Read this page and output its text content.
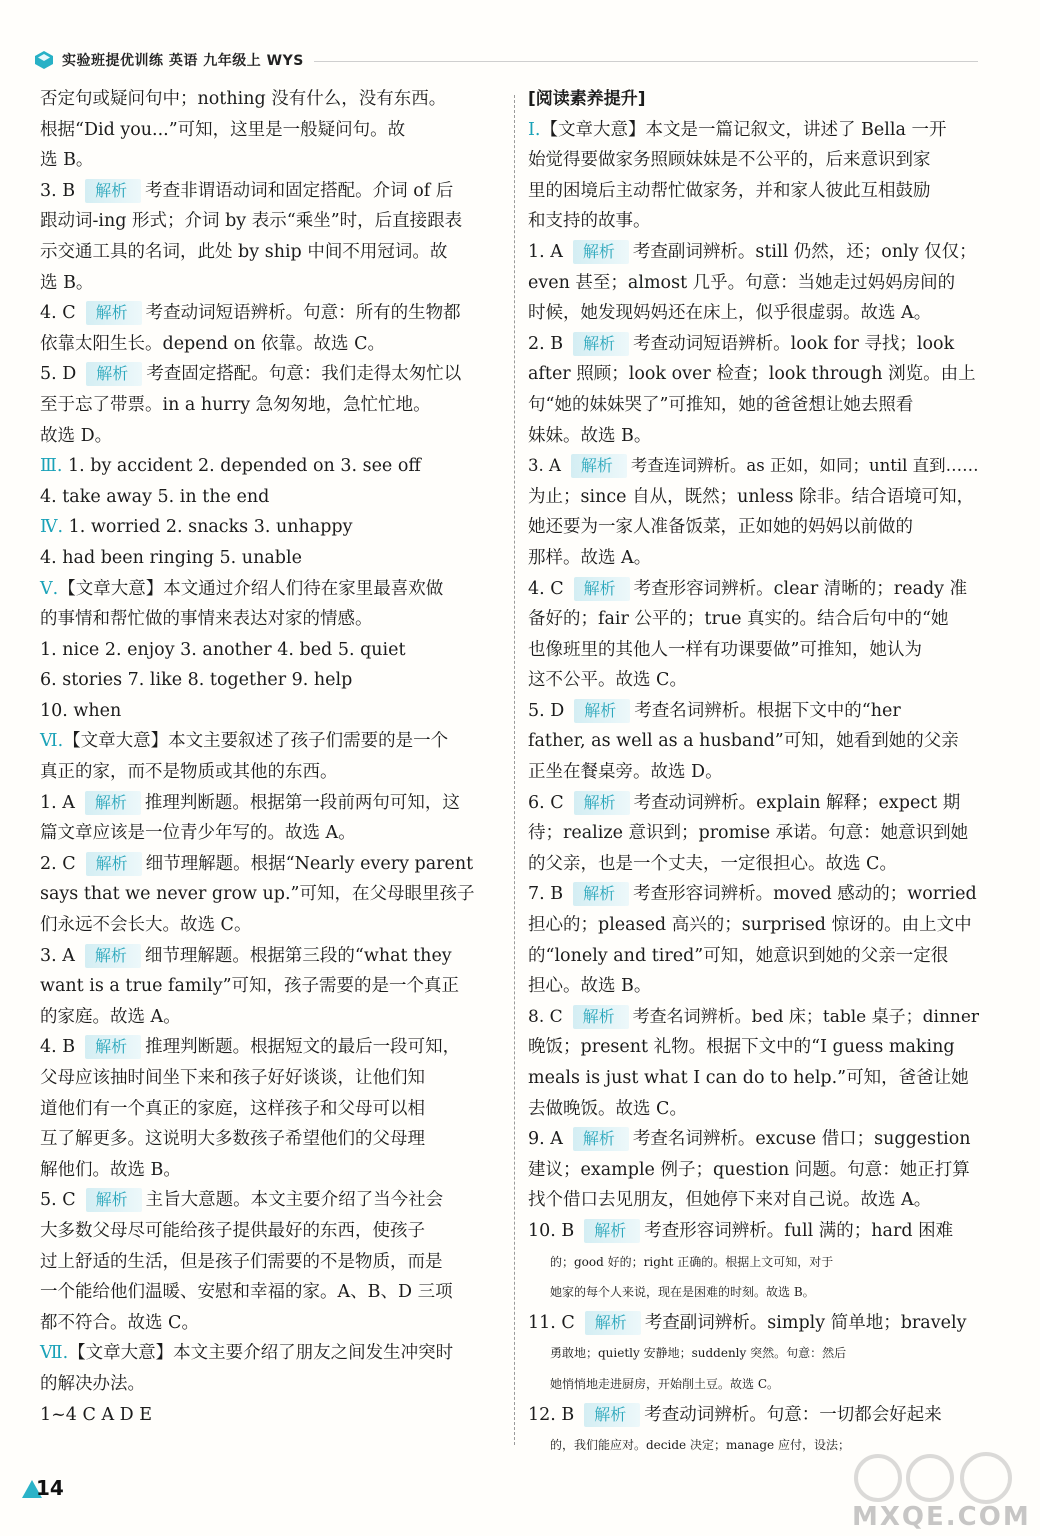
实验班提优训练 英语 九年级上 WYS
否定句或疑问句中；nothing 没有什么，没有东西。
根据“Did you...”可知，这里是一般疑问句。故
选 B。
3. B 解析 考查非谓语动词和固定搭配。介词 of 后
跟动词-ing 形式；介词 by 表示“乘坐”时，后直接跟表
示交通工具的名词，此处 by ship 中间不用冠词。故
选 B。
4. C 解析 考查动词短语辨析。句意：所有的生物都
依靠太阳生长。depend on 依靠。故选 C。
5. D 解析 考查固定搭配。句意：我们走得太匆忙以
至于忘了带票。in a hurry 急匆匆地，急忙忙地。
故选 D。
Ⅲ. 1. by accident 2. depended on 3. see off
4. take away 5. in the end
Ⅳ. 1. worried 2. snacks 3. unhappy
4. had been ringing 5. unable
Ⅴ.【文章大意】本文通过介绍人们待在家里最喜欢做
的事情和帮忙做的事情来表达对家的情感。
1. nice 2. enjoy 3. another 4. bed 5. quiet
6. stories 7. like 8. together 9. help
10. when
Ⅵ.【文章大意】本文主要叙述了孩子们需要的是一个
真正的家，而不是物质或其他的东西。
1. A 解析 推理判断题。根据第一段前两句可知，这
篇文章应该是一位青少年写的。故选 A。
2. C 解析 细节理解题。根据“Nearly every parent
says that we never grow up.”可知，在父母眼里孩子
们永远不会长大。故选 C。
3. A 解析 细节理解题。根据第三段的“what they
want is a true family”可知，孩子需要的是一个真正
的家庭。故选 A。
4. B 解析 推理判断题。根据短文的最后一段可知，
父母应该抽时间坐下来和孩子好好谈谈，让他们知
道他们有一个真正的家庭，这样孩子和父母可以相
互了解更多。这说明大多数孩子希望他们的父母理
解他们。故选 B。
5. C 解析 主旨大意题。本文主要介绍了当今社会
大多数父母尽可能给孩子提供最好的东西，使孩子
过上舒适的生活，但是孩子们需要的不是物质，而是
一个能给他们温暖、安慰和幸福的家。A、B、D 三项
都不符合。故选 C。
Ⅶ.【文章大意】本文主要介绍了朋友之间发生冲突时
的解决办法。
1~4 C A D E
[阅读素养提升]
Ⅰ.【文章大意】本文是一篇记叙文，讲述了 Bella 一开
始觉得要做家务照顾妹妹是不公平的，后来意识到家
里的困境后主动帮忙做家务，并和家人彼此互相鼓励
和支持的故事。
1. A 解析 考查副词辨析。still 仍然，还；only 仅仅；
even 甚至；almost 几乎。句意：当她走过妈妈房间的
时候，她发现妈妈还在床上，似乎很虚弱。故选 A。
2. B 解析 考查动词短语辨析。look for 寻找；look
after 照顾；look over 检查；look through 浏览。由上
句“她的妹妹哭了”可推知，她的爸爸想让她去照看
妹妹。故选 B。
3. A 解析 考查连词辨析。as 正如，如同；until 直到……
为止；since 自从，既然；unless 除非。结合语境可知，
她还要为一家人准备饭菜，正如她的妈妈以前做的
那样。故选 A。
4. C 解析 考查形容词辨析。clear 清晰的；ready 准
备好的；fair 公平的；true 真实的。结合后句中的“她
也像班里的其他人一样有功课要做”可推知，她认为
这不公平。故选 C。
5. D 解析 考查名词辨析。根据下文中的“her
father, as well as a husband”可知，她看到她的父亲
正坐在餐桌旁。故选 D。
6. C 解析 考查动词辨析。explain 解释；expect 期
待；realize 意识到；promise 承诺。句意：她意识到她
的父亲，也是一个丈夫，一定很担心。故选 C。
7. B 解析 考查形容词辨析。moved 感动的；worried
担心的；pleased 高兴的；surprised 惊讶的。由上文中
的“lonely and tired”可知，她意识到她的父亲一定很
担心。故选 B。
8. C 解析 考查名词辨析。bed 床；table 桌子；dinner
晚饭；present 礼物。根据下文中的“I guess making
meals is just what I can do to help.”可知，爸爸让她
去做晚饭。故选 C。
9. A 解析 考查名词辨析。excuse 借口；suggestion
建议；example 例子；question 问题。句意：她正打算
找个借口去见朋友，但她停下来对自己说。故选 A。
10. B 解析 考查形容词辨析。full 满的；hard 困难
的；good 好的；right 正确的。根据上文可知，对于
她家的每个人来说，现在是困难的时刻。故选 B。
11. C 解析 考查副词辨析。simply 简单地；bravely
勇敢地；quietly 安静地；suddenly 突然。句意：然后
她悄悄地走进厨房，开始削土豆。故选 C。
12. B 解析 考查动词辨析。句意：一切都会好起来
的，我们能应对。decide 决定；manage 应付，设法；
14
MXQE.COM
